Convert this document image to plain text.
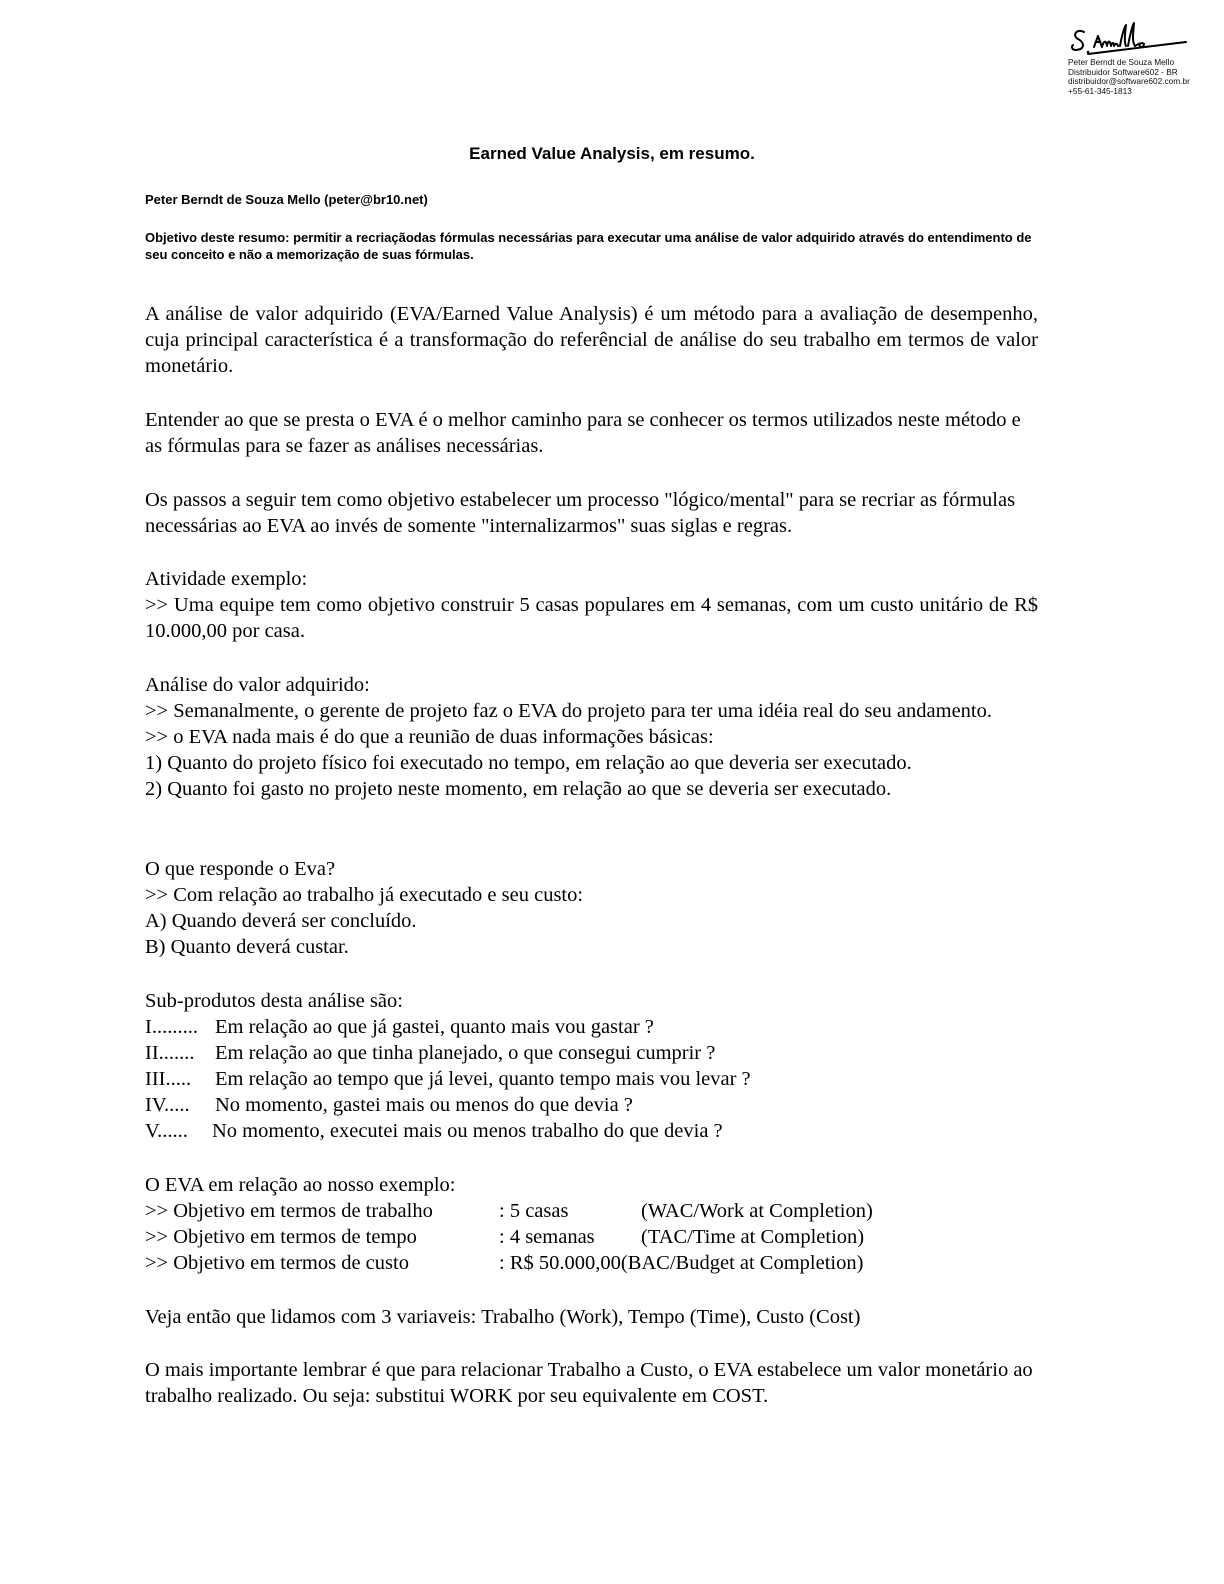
Peter Berndt de Souza Mello
Distribuidor Software602 - BR
distribuidor@software602.com.br
+55-61-345-1813
Earned Value Analysis, em resumo.
Peter Berndt de Souza Mello (peter@br10.net)
Objetivo deste resumo: permitir a recriaçãodas fórmulas necessárias para executar uma análise de valor adquirido através do entendimento de seu conceito e não a memorização de suas fórmulas.
A análise de valor adquirido (EVA/Earned Value Analysis) é um método para a avaliação de desempenho, cuja principal característica é a transformação do referêncial de análise do seu trabalho em termos de valor monetário.
Entender ao que se presta o EVA é o melhor caminho para se conhecer os termos utilizados neste método e as fórmulas para se fazer as análises necessárias.
Os passos a seguir tem como objetivo estabelecer um processo "lógico/mental" para se recriar as fórmulas necessárias ao EVA ao invés de somente "internalizarmos" suas siglas e regras.
Atividade exemplo:
>> Uma equipe tem como objetivo construir 5 casas populares em 4 semanas, com um custo unitário de R$ 10.000,00 por casa.
Análise do valor adquirido:
>> Semanalmente, o gerente de projeto faz o EVA do projeto para ter uma idéia real do seu andamento.
>> o EVA nada mais é do que a reunião de duas informações básicas:
1) Quanto do projeto físico foi executado no tempo, em relação ao que deveria ser executado.
2) Quanto foi gasto no projeto neste momento, em relação ao que se deveria ser executado.
O que responde o Eva?
>> Com relação ao trabalho já executado e seu custo:
A) Quando deverá ser concluído.
B) Quanto deverá custar.
Sub-produtos desta análise são:
I......... Em relação ao que já gastei, quanto mais vou gastar ?
II....... Em relação ao que tinha planejado, o que consegui cumprir ?
III.....	Em relação ao tempo que já levei, quanto tempo mais vou levar ?
IV.....	No momento, gastei mais ou menos do que devia ?
V......	No momento, executei mais ou menos trabalho do que devia ?
O EVA em relação ao nosso exemplo:
>> Objetivo em termos de trabalho	: 5 casas	(WAC/Work at Completion)
>> Objetivo em termos de tempo	: 4 semanas	(TAC/Time at Completion)
>> Objetivo em termos de custo	: R$ 50.000,00 (BAC/Budget at Completion)
Veja então que lidamos com 3 variaveis: Trabalho (Work), Tempo (Time), Custo (Cost)
O mais importante lembrar é que para relacionar Trabalho a Custo, o EVA estabelece um valor monetário ao trabalho realizado. Ou seja: substitui WORK por seu equivalente em COST.
